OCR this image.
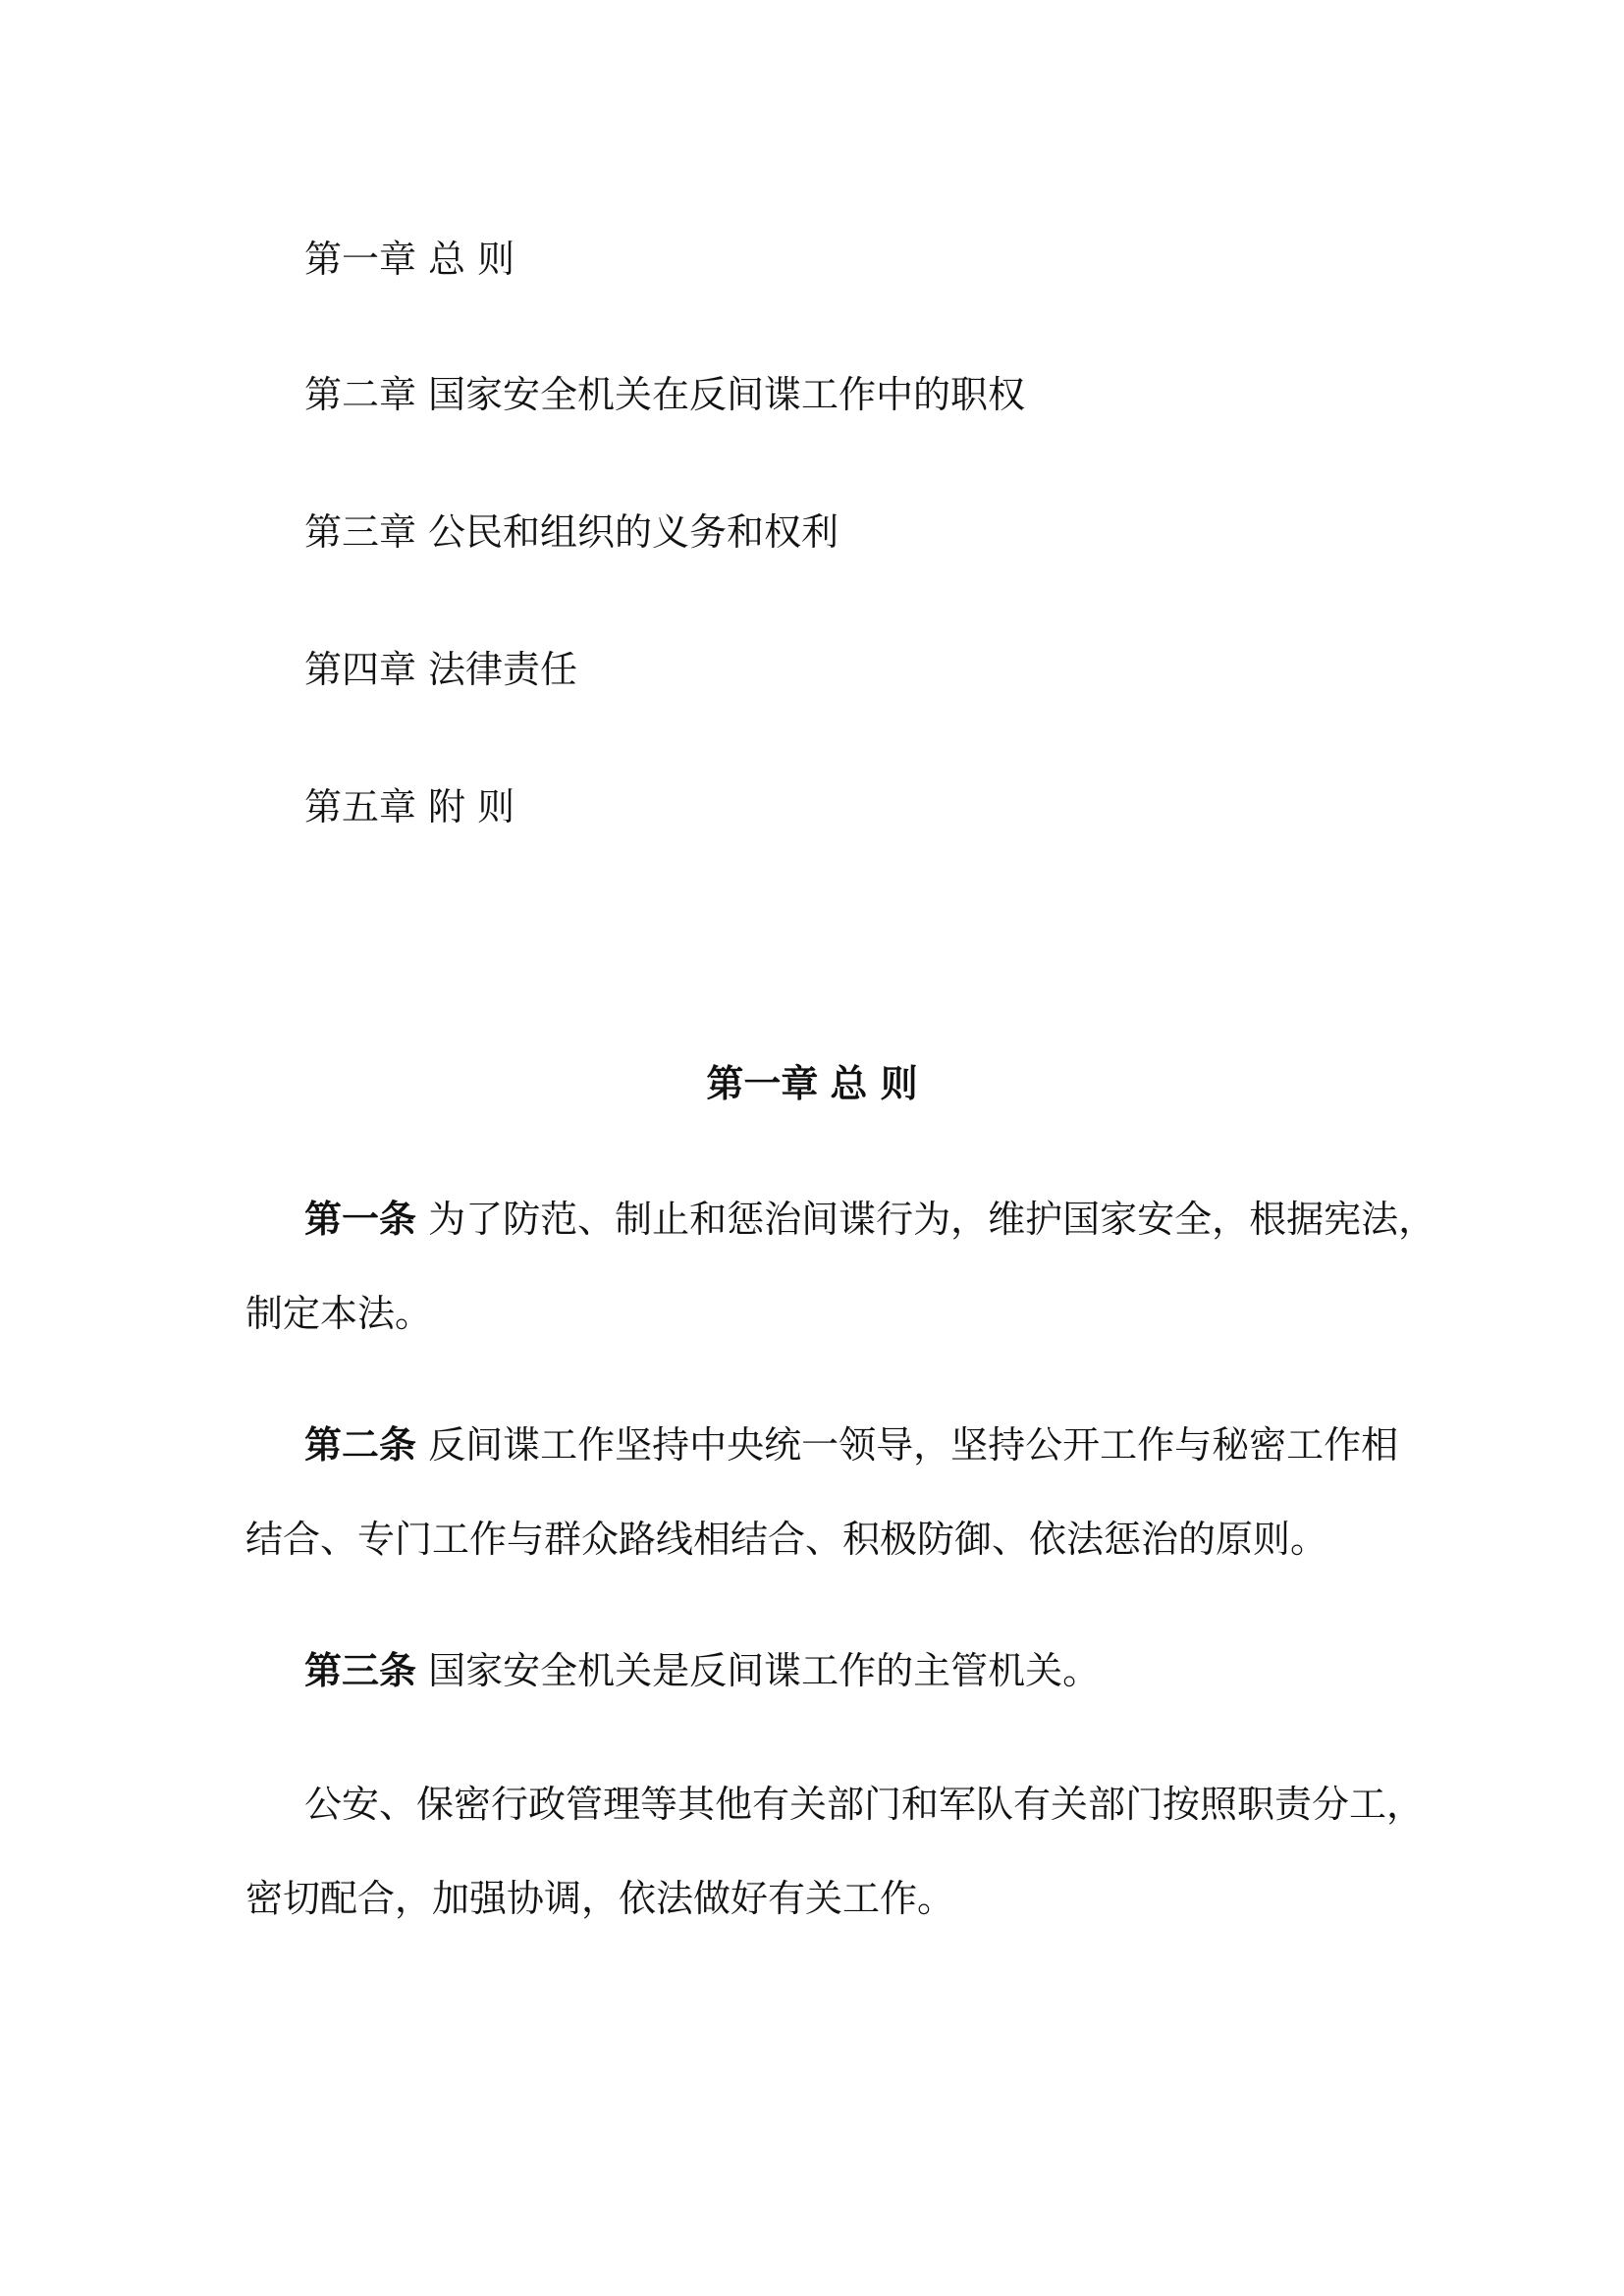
第一章 总 则
第二章 国家安全机关在反间谍工作中的职权
第三章 公民和组织的义务和权利
第四章 法律责任
第五章 附 则
第一章 总 则
第一条 为了防范、制止和惩治间谍行为，维护国家安全，根据宪法，
制定本法。
第二条 反间谍工作坚持中央统一领导，坚持公开工作与秘密工作相
结合、专门工作与群众路线相结合、积极防御、依法惩治的原则。
第三条 国家安全机关是反间谍工作的主管机关。
公安、保密行政管理等其他有关部门和军队有关部门按照职责分工，
密切配合，加强协调，依法做好有关工作。
